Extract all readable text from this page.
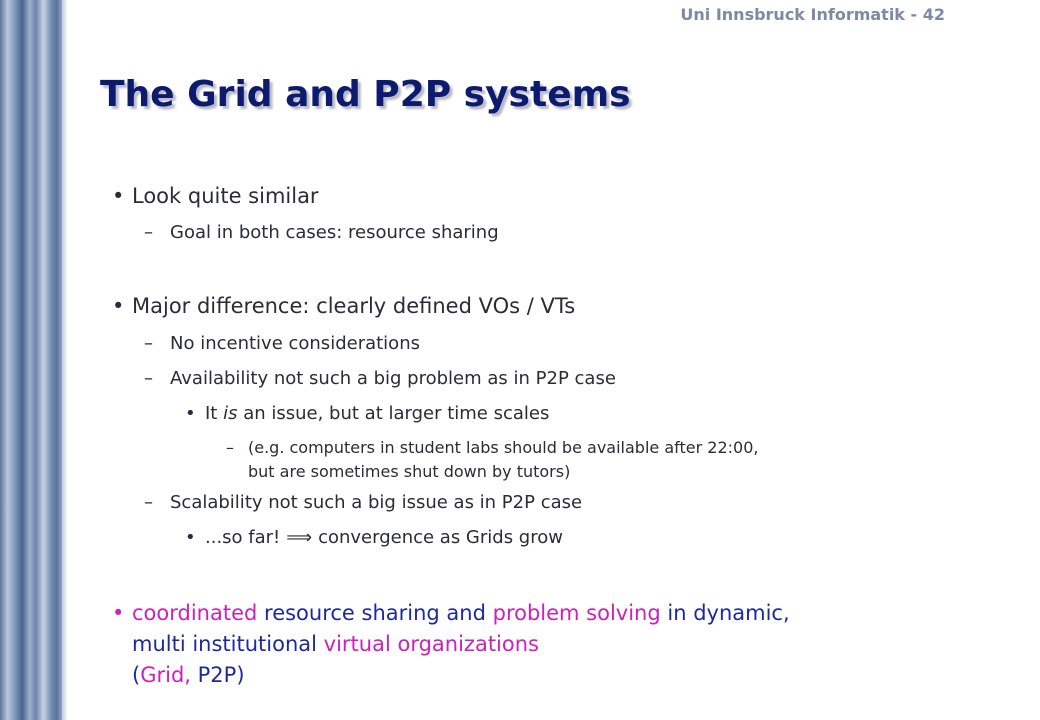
Uni Innsbruck Informatik - 42
The Grid and P2P systems
• Look quite similar
– Goal in both cases: resource sharing
• Major difference: clearly defined VOs / VTs
– No incentive considerations
– Availability not such a big problem as in P2P case
• It is an issue, but at larger time scales
– (e.g. computers in student labs should be available after 22:00,
but are sometimes shut down by tutors)
– Scalability not such a big issue as in P2P case
• ...so far! ⟹ convergence as Grids grow
• coordinated resource sharing and problem solving in dynamic,
multi institutional virtual organizations
(Grid, P2P)
